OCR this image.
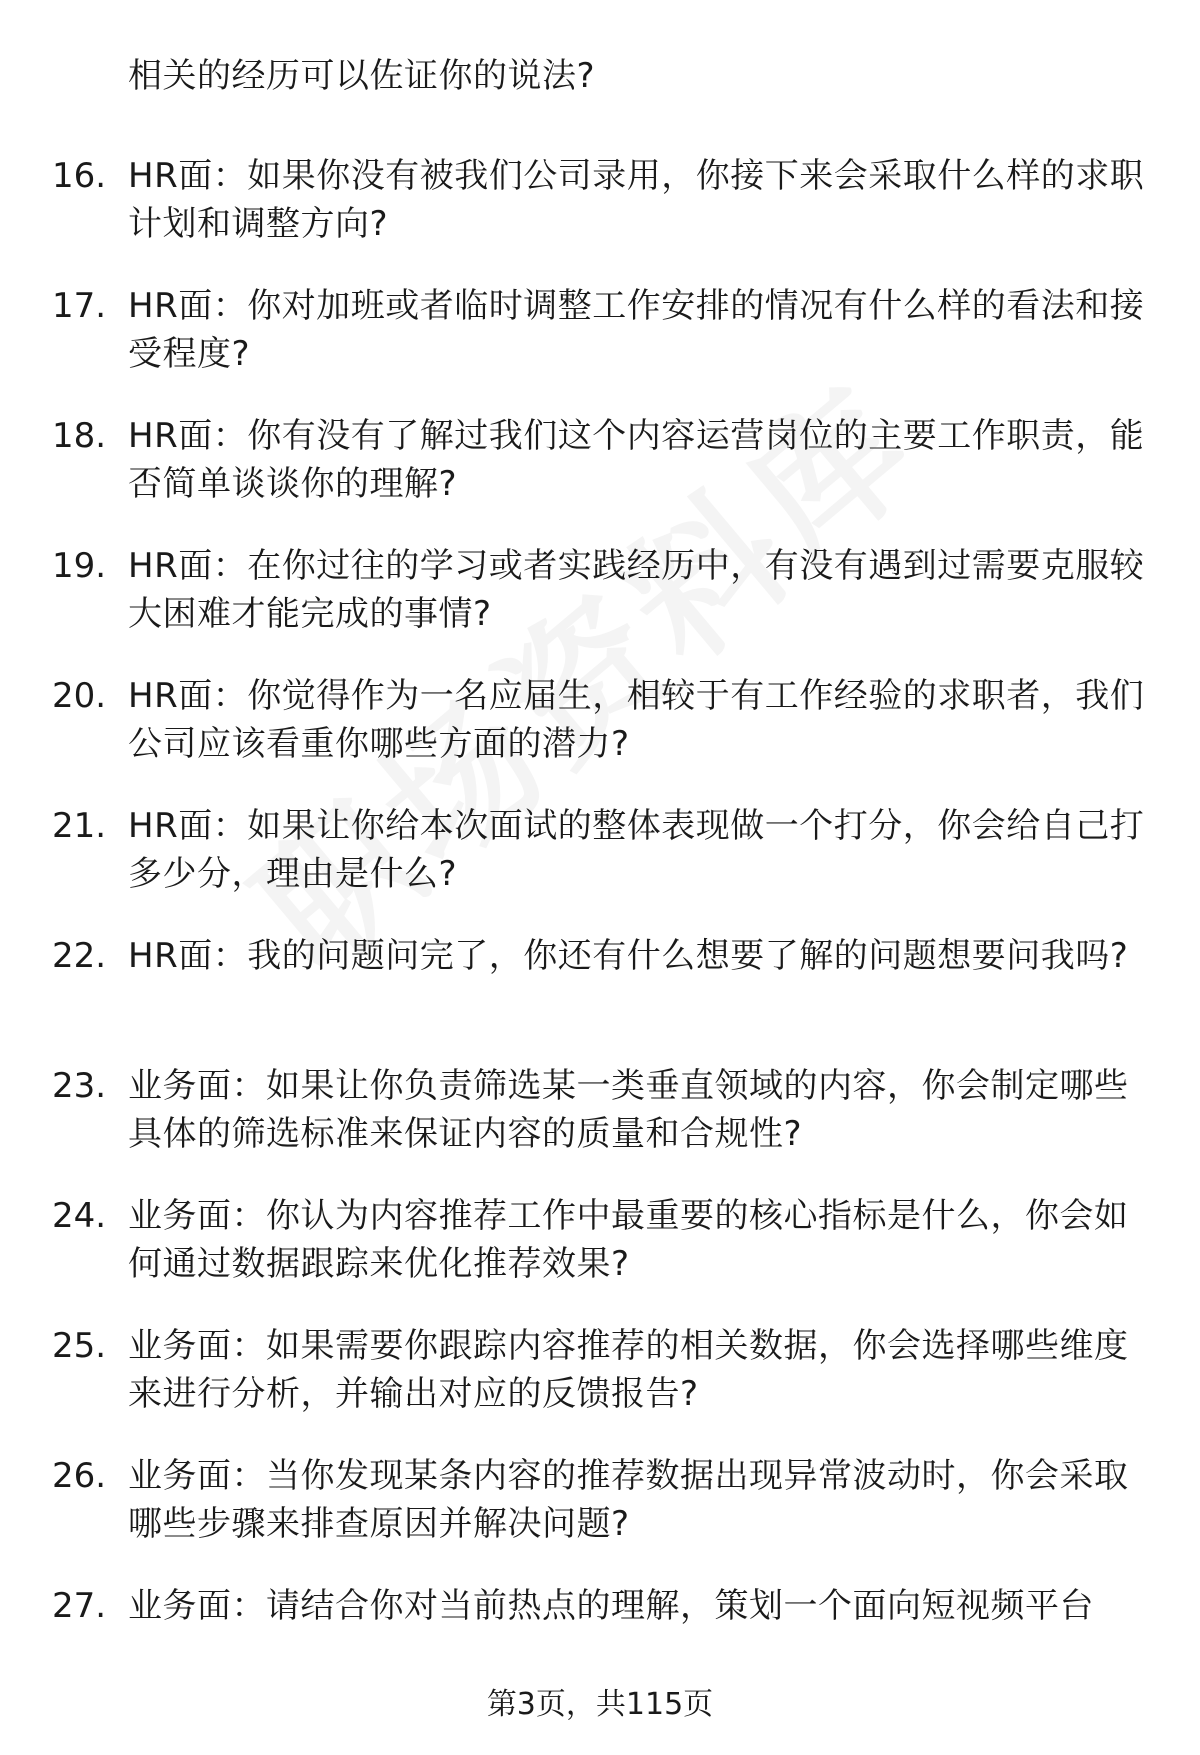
相关的经历可以佐证你的说法?
16. HR面：如果你没有被我们公司录用，你接下来会采取什么样的求职计划和调整方向?
17. HR面：你对加班或者临时调整工作安排的情况有什么样的看法和接受程度?
18. HR面：你有没有了解过我们这个内容运营岗位的主要工作职责，能否简单谈谈你的理解?
19. HR面：在你过往的学习或者实践经历中，有没有遇到过需要克服较大困难才能完成的事情?
20. HR面：你觉得作为一名应届生，相较于有工作经验的求职者，我们公司应该看重你哪些方面的潜力?
21. HR面：如果让你给本次面试的整体表现做一个打分，你会给自己打多少分，理由是什么?
22. HR面：我的问题问完了，你还有什么想要了解的问题想要问我吗?
23. 业务面：如果让你负责筛选某一类垂直领域的内容，你会制定哪些具体的筛选标准来保证内容的质量和合规性?
24. 业务面：你认为内容推荐工作中最重要的核心指标是什么，你会如何通过数据跟踪来优化推荐效果?
25. 业务面：如果需要你跟踪内容推荐的相关数据，你会选择哪些维度来进行分析，并输出对应的反馈报告?
26. 业务面：当你发现某条内容的推荐数据出现异常波动时，你会采取哪些步骤来排查原因并解决问题?
27. 业务面：请结合你对当前热点的理解，策划一个面向短视频平台
第3页，共115页
